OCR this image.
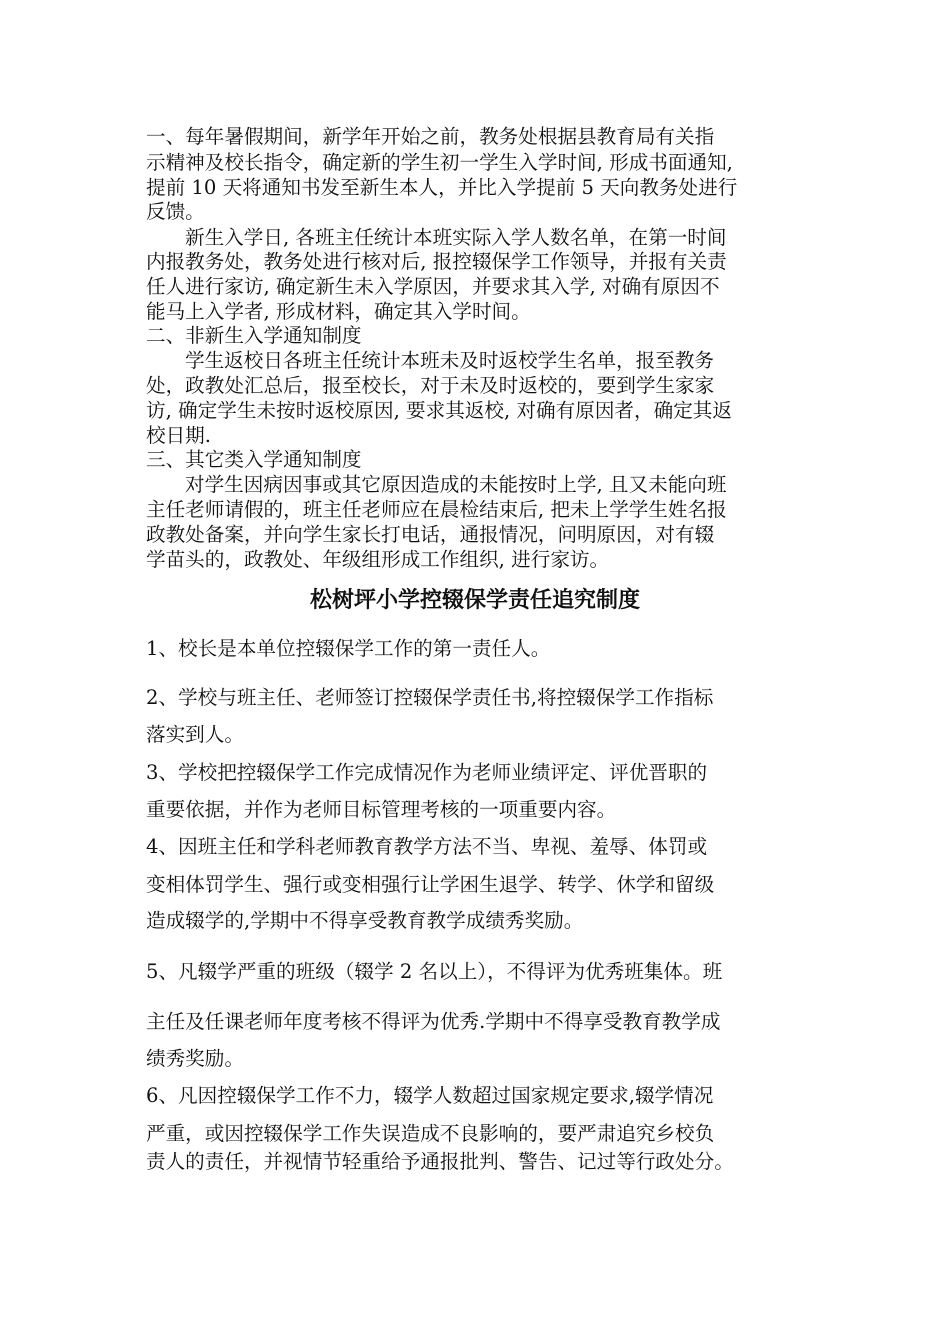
一、每年暑假期间，新学年开始之前，教务处根据县教育局有关指
示精神及校长指令，确定新的学生初一学生入学时间, 形成书面通知,
提前 10 天将通知书发至新生本人，并比入学提前 5 天向教务处进行
反馈。
新生入学日, 各班主任统计本班实际入学人数名单，在第一时间
内报教务处，教务处进行核对后, 报控辍保学工作领导，并报有关责
任人进行家访, 确定新生未入学原因，并要求其入学, 对确有原因不
能马上入学者, 形成材料，确定其入学时间。
二、非新生入学通知制度
学生返校日各班主任统计本班未及时返校学生名单，报至教务
处，政教处汇总后，报至校长，对于未及时返校的，要到学生家家
访, 确定学生未按时返校原因, 要求其返校, 对确有原因者，确定其返
校日期.
三、其它类入学通知制度
对学生因病因事或其它原因造成的未能按时上学, 且又未能向班
主任老师请假的，班主任老师应在晨检结束后, 把未上学学生姓名报
政教处备案，并向学生家长打电话，通报情况，问明原因，对有辍
学苗头的，政教处、年级组形成工作组织, 进行家访。
松树坪小学控辍保学责任追究制度
1、校长是本单位控辍保学工作的第一责任人。
2、学校与班主任、老师签订控辍保学责任书,将控辍保学工作指标
落实到人。
3、学校把控辍保学工作完成情况作为老师业绩评定、评优晋职的
重要依据，并作为老师目标管理考核的一项重要内容。
4、因班主任和学科老师教育教学方法不当、卑视、羞辱、体罚或
变相体罚学生、强行或变相强行让学困生退学、转学、休学和留级
造成辍学的,学期中不得享受教育教学成绩秀奖励。
5、凡辍学严重的班级（辍学 2 名以上），不得评为优秀班集体。班
主任及任课老师年度考核不得评为优秀.学期中不得享受教育教学成
绩秀奖励。
6、凡因控辍保学工作不力，辍学人数超过国家规定要求,辍学情况
严重，或因控辍保学工作失误造成不良影响的，要严肃追究乡校负
责人的责任，并视情节轻重给予通报批判、警告、记过等行政处分。
